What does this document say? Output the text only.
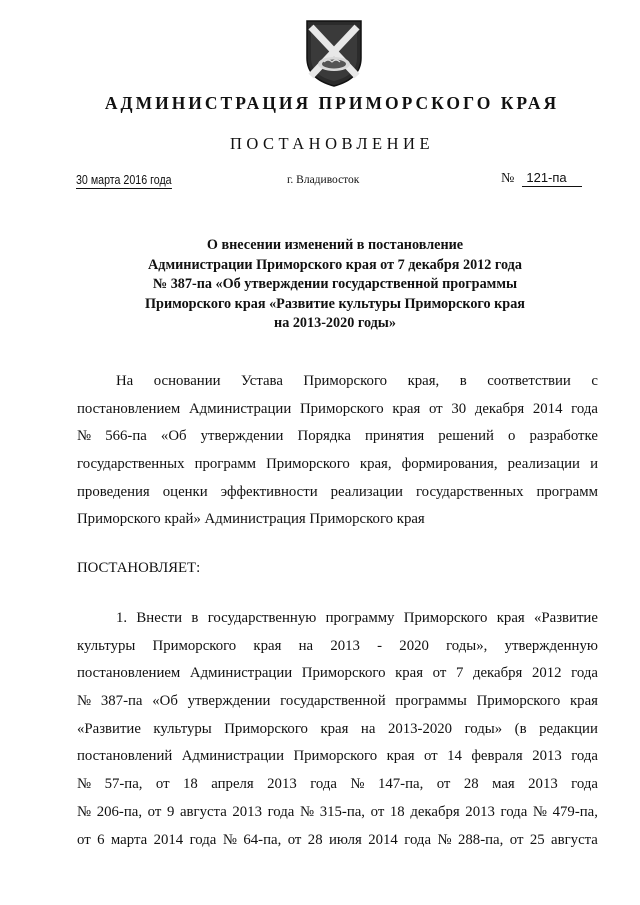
АДМИНИСТРАЦИЯ ПРИМОРСКОГО КРАЯ
ПОСТАНОВЛЕНИЕ
30 марта 2016 года	г. Владивосток	№ 121-па
О внесении изменений в постановление
Администрации Приморского края от 7 декабря 2012 года
№ 387-па «Об утверждении государственной программы
Приморского края «Развитие культуры Приморского края
на 2013-2020 годы»
На основании Устава Приморского края, в соответствии с
постановлением Администрации Приморского края от 30 декабря 2014 года
№ 566-па «Об утверждении Порядка принятия решений о разработке
государственных программ Приморского края, формирования, реализации и
проведения оценки эффективности реализации государственных программ
Приморского край» Администрация Приморского края
ПОСТАНОВЛЯЕТ:
1. Внести в государственную программу Приморского края «Развитие
культуры Приморского края на 2013 - 2020 годы», утвержденную
постановлением Администрации Приморского края от 7 декабря 2012 года
№ 387-па «Об утверждении государственной программы Приморского края
«Развитие культуры Приморского края на 2013-2020 годы» (в редакции
постановлений Администрации Приморского края от 14 февраля 2013 года
№ 57-па, от 18 апреля 2013 года № 147-па, от 28 мая 2013 года
№ 206-па, от 9 августа 2013 года № 315-па, от 18 декабря 2013 года № 479-па,
от 6 марта 2014 года № 64-па, от 28 июля 2014 года № 288-па, от 25 августа
